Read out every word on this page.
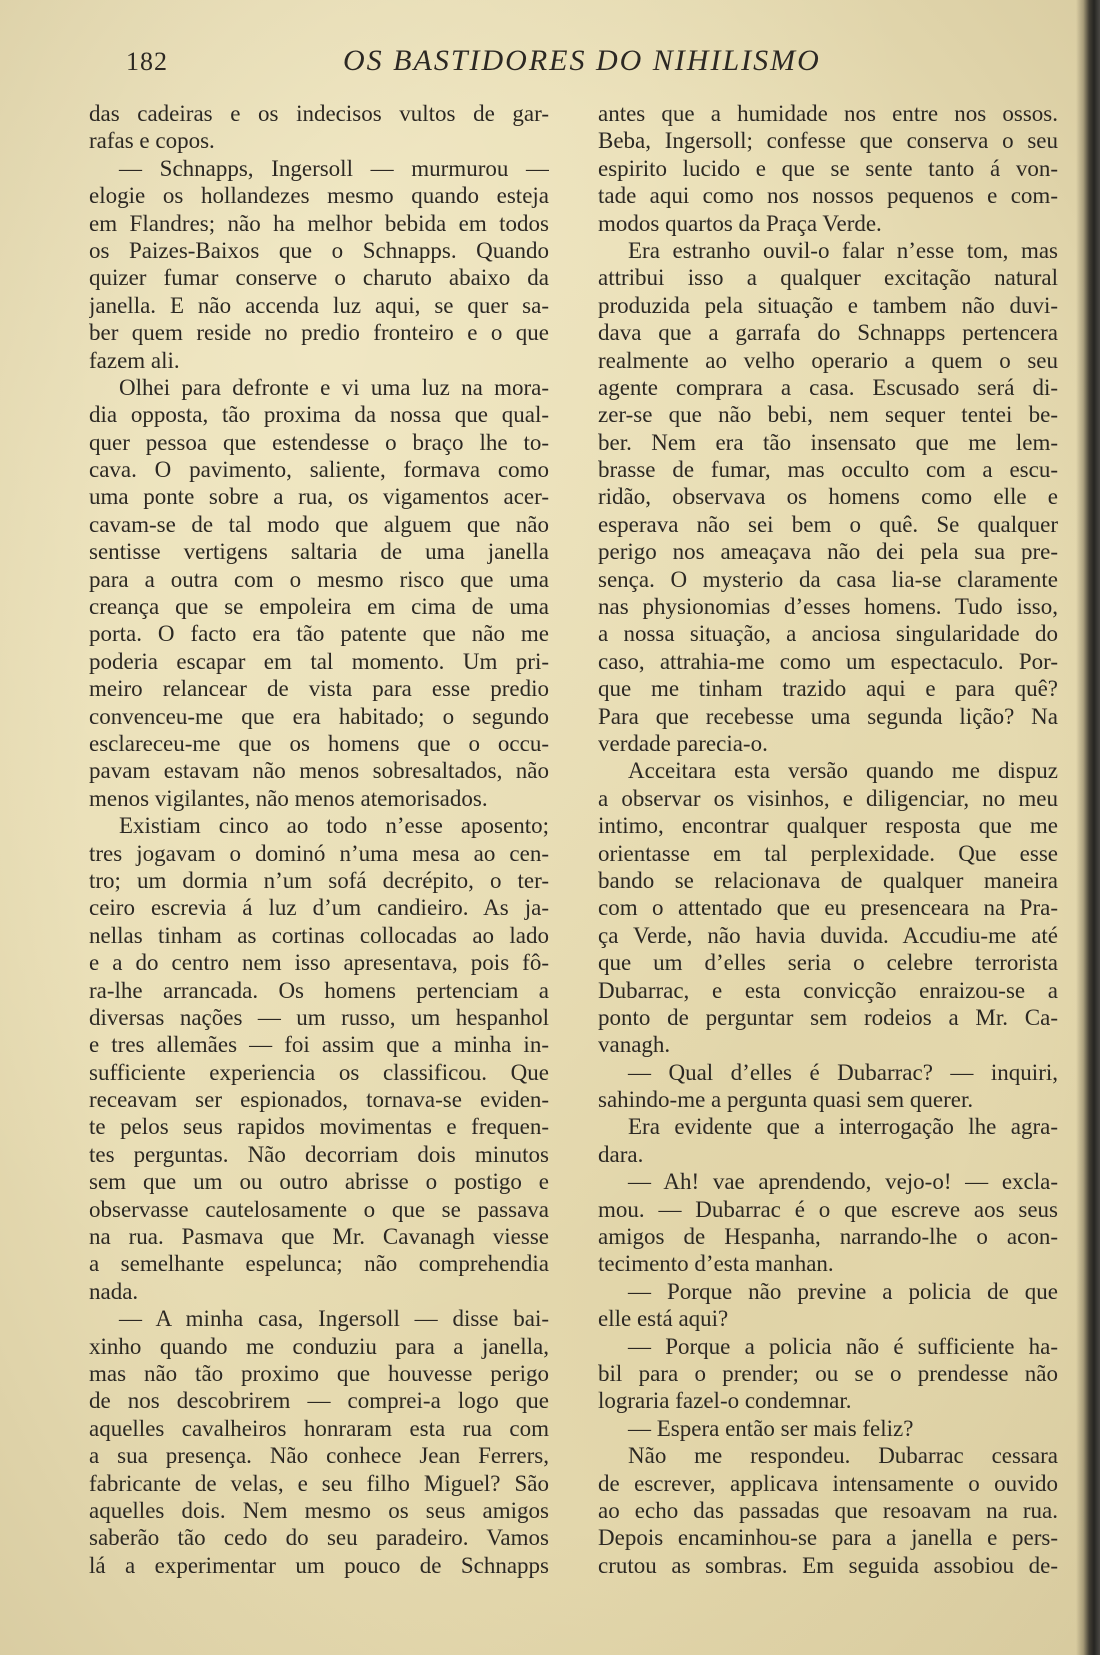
182	OS BASTIDORES DO NIHILISMO
das cadeiras e os indecisos vultos de gar-
rafas e copos.
— Schnapps, Ingersoll — murmurou —
elogie os hollandezes mesmo quando esteja
em Flandres; não ha melhor bebida em todos
os Paizes-Baixos que o Schnapps. Quando
quizer fumar conserve o charuto abaixo da
janella. E não accenda luz aqui, se quer sa-
ber quem reside no predio fronteiro e o que
fazem ali.
Olhei para defronte e vi uma luz na mora-
dia opposta, tão proxima da nossa que qual-
quer pessoa que estendesse o braço lhe to-
cava. O pavimento, saliente, formava como
uma ponte sobre a rua, os vigamentos acer-
cavam-se de tal modo que alguem que não
sentisse vertigens saltaria de uma janella
para a outra com o mesmo risco que uma
creança que se empoleira em cima de uma
porta. O facto era tão patente que não me
poderia escapar em tal momento. Um pri-
meiro relancear de vista para esse predio
convenceu-me que era habitado; o segundo
esclareceu-me que os homens que o occu-
pavam estavam não menos sobresaltados, não
menos vigilantes, não menos atemorisados.
Existiam cinco ao todo n’esse aposento;
tres jogavam o dominó n’uma mesa ao cen-
tro; um dormia n’um sofá decrépito, o ter-
ceiro escrevia á luz d’um candieiro. As ja-
nellas tinham as cortinas collocadas ao lado
e a do centro nem isso apresentava, pois fô-
ra-lhe arrancada. Os homens pertenciam a
diversas nações — um russo, um hespanhol
e tres allemães — foi assim que a minha in-
sufficiente experiencia os classificou. Que
receavam ser espionados, tornava-se eviden-
te pelos seus rapidos movimentas e frequen-
tes perguntas. Não decorriam dois minutos
sem que um ou outro abrisse o postigo e
observasse cautelosamente o que se passava
na rua. Pasmava que Mr. Cavanagh viesse
a semelhante espelunca; não comprehendia
nada.
— A minha casa, Ingersoll — disse bai-
xinho quando me conduziu para a janella,
mas não tão proximo que houvesse perigo
de nos descobrirem — comprei-a logo que
aquelles cavalheiros honraram esta rua com
a sua presença. Não conhece Jean Ferrers,
fabricante de velas, e seu filho Miguel? São
aquelles dois. Nem mesmo os seus amigos
saberão tão cedo do seu paradeiro. Vamos
lá a experimentar um pouco de Schnapps
antes que a humidade nos entre nos ossos.
Beba, Ingersoll; confesse que conserva o seu
espirito lucido e que se sente tanto á von-
tade aqui como nos nossos pequenos e com-
modos quartos da Praça Verde.
Era estranho ouvil-o falar n’esse tom, mas
attribui isso a qualquer excitação natural
produzida pela situação e tambem não duvi-
dava que a garrafa do Schnapps pertencera
realmente ao velho operario a quem o seu
agente comprara a casa. Escusado será di-
zer-se que não bebi, nem sequer tentei be-
ber. Nem era tão insensato que me lem-
brasse de fumar, mas occulto com a escu-
ridão, observava os homens como elle e
esperava não sei bem o quê. Se qualquer
perigo nos ameaçava não dei pela sua pre-
sença. O mysterio da casa lia-se claramente
nas physionomias d’esses homens. Tudo isso,
a nossa situação, a anciosa singularidade do
caso, attrahia-me como um espectaculo. Por-
que me tinham trazido aqui e para quê?
Para que recebesse uma segunda lição? Na
verdade parecia-o.
Acceitara esta versão quando me dispuz
a observar os visinhos, e diligenciar, no meu
intimo, encontrar qualquer resposta que me
orientasse em tal perplexidade. Que esse
bando se relacionava de qualquer maneira
com o attentado que eu presenceara na Pra-
ça Verde, não havia duvida. Accudiu-me até
que um d’elles seria o celebre terrorista
Dubarrac, e esta convicção enraizou-se a
ponto de perguntar sem rodeios a Mr. Ca-
vanagh.
— Qual d’elles é Dubarrac? — inquiri,
sahindo-me a pergunta quasi sem querer.
Era evidente que a interrogação lhe agra-
dara.
— Ah! vae aprendendo, vejo-o! — excla-
mou. — Dubarrac é o que escreve aos seus
amigos de Hespanha, narrando-lhe o acon-
tecimento d’esta manhan.
— Porque não previne a policia de que
elle está aqui?
— Porque a policia não é sufficiente ha-
bil para o prender; ou se o prendesse não
lograria fazel-o condemnar.
— Espera então ser mais feliz?
Não me respondeu. Dubarrac cessara
de escrever, applicava intensamente o ouvido
ao echo das passadas que resoavam na rua.
Depois encaminhou-se para a janella e pers-
crutou as sombras. Em seguida assobiou de-
